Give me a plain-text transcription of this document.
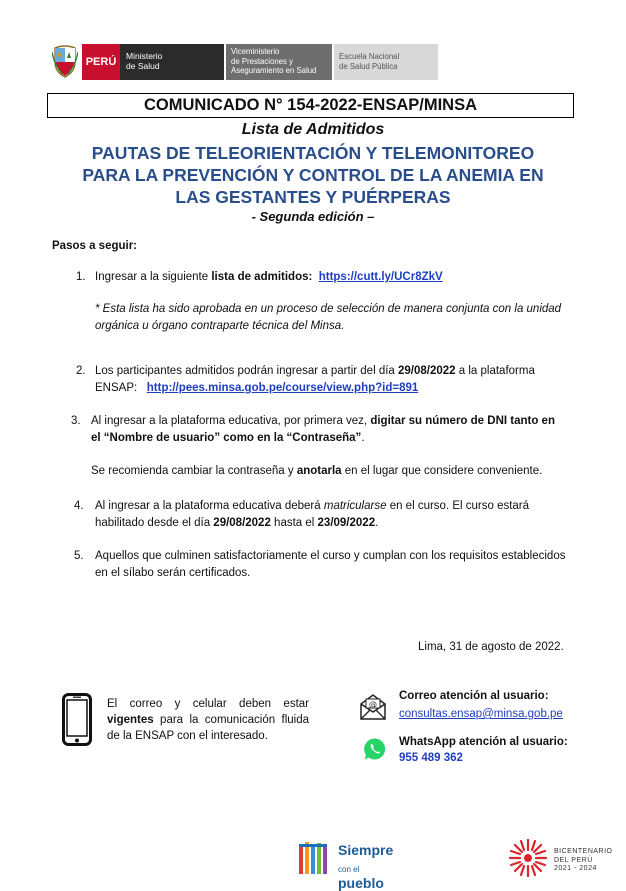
PERÚ	Ministerio
de Salud
Viceministerio
de Prestaciones y
Aseguramiento en Salud
Escuela Nacional
de Salud Pública
COMUNICADO N° 154-2022-ENSAP/MINSA
Lista de Admitidos
PAUTAS DE TELEORIENTACIÓN Y TELEMONITOREO
PARA LA PREVENCIÓN Y CONTROL DE LA ANEMIA EN
LAS GESTANTES Y PUÉRPERAS
- Segunda edición –
Pasos a seguir:
1. Ingresar a la siguiente lista de admitidos: https://cutt.ly/UCr8ZkV
* Esta lista ha sido aprobada en un proceso de selección de manera conjunta con la unidad
orgánica u órgano contraparte técnica del Minsa.
2. Los participantes admitidos podrán ingresar a partir del día 29/08/2022 a la plataforma
ENSAP: http://pees.minsa.gob.pe/course/view.php?id=891
3. Al ingresar a la plataforma educativa, por primera vez, digitar su número de DNI tanto en
el “Nombre de usuario” como en la “Contraseña”.
Se recomienda cambiar la contraseña y anotarla en el lugar que considere conveniente.
4. Al ingresar a la plataforma educativa deberá matricularse en el curso. El curso estará
habilitado desde el día 29/08/2022 hasta el 23/09/2022.
5. Aquellos que culminen satisfactoriamente el curso y cumplan con los requisitos establecidos
en el sílabo serán certificados.
Lima, 31 de agosto de 2022.
El correo y celular deben estar vigentes para la comunicación fluida de la ENSAP con el interesado.
@
Correo atención al usuario:
consultas.ensap@minsa.gob.pe
WhatsApp atención al usuario:
955 489 362
Siempre
con el pueblo
BICENTENARIO
DEL PERÚ
2021 - 2024
